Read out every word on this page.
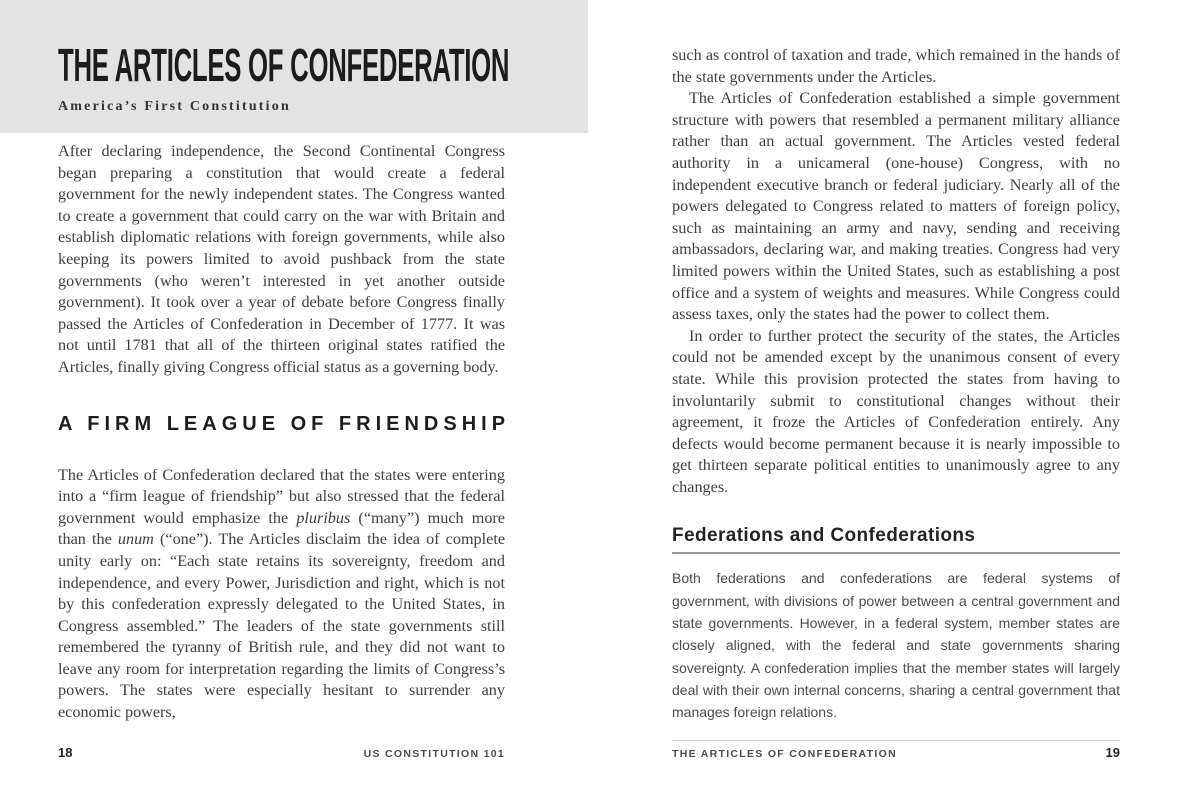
THE ARTICLES OF CONFEDERATION
America’s First Constitution

After declaring independence, the Second Continental Congress began preparing a constitution that would create a federal government for the newly independent states. The Congress wanted to create a government that could carry on the war with Britain and establish diplomatic relations with foreign governments, while also keeping its powers limited to avoid pushback from the state governments (who weren’t interested in yet another outside government). It took over a year of debate before Congress finally passed the Articles of Confederation in December of 1777. It was not until 1781 that all of the thirteen original states ratified the Articles, finally giving Congress official status as a governing body.

A FIRM LEAGUE OF FRIENDSHIP

The Articles of Confederation declared that the states were entering into a “firm league of friendship” but also stressed that the federal government would emphasize the pluribus (“many”) much more than the unum (“one”). The Articles disclaim the idea of complete unity early on: “Each state retains its sovereignty, freedom and independence, and every Power, Jurisdiction and right, which is not by this confederation expressly delegated to the United States, in Congress assembled.” The leaders of the state governments still remembered the tyranny of British rule, and they did not want to leave any room for interpretation regarding the limits of Congress’s powers. The states were especially hesitant to surrender any economic powers,

18	US CONSTITUTION 101

such as control of taxation and trade, which remained in the hands of the state governments under the Articles.

The Articles of Confederation established a simple government structure with powers that resembled a permanent military alliance rather than an actual government. The Articles vested federal authority in a unicameral (one-house) Congress, with no independent executive branch or federal judiciary. Nearly all of the powers delegated to Congress related to matters of foreign policy, such as maintaining an army and navy, sending and receiving ambassadors, declaring war, and making treaties. Congress had very limited powers within the United States, such as establishing a post office and a system of weights and measures. While Congress could assess taxes, only the states had the power to collect them.

In order to further protect the security of the states, the Articles could not be amended except by the unanimous consent of every state. While this provision protected the states from having to involuntarily submit to constitutional changes without their agreement, it froze the Articles of Confederation entirely. Any defects would become permanent because it is nearly impossible to get thirteen separate political entities to unanimously agree to any changes.

Federations and Confederations

Both federations and confederations are federal systems of government, with divisions of power between a central government and state governments. However, in a federal system, member states are closely aligned, with the federal and state governments sharing sovereignty. A confederation implies that the member states will largely deal with their own internal concerns, sharing a central government that manages foreign relations.

THE ARTICLES OF CONFEDERATION	19
